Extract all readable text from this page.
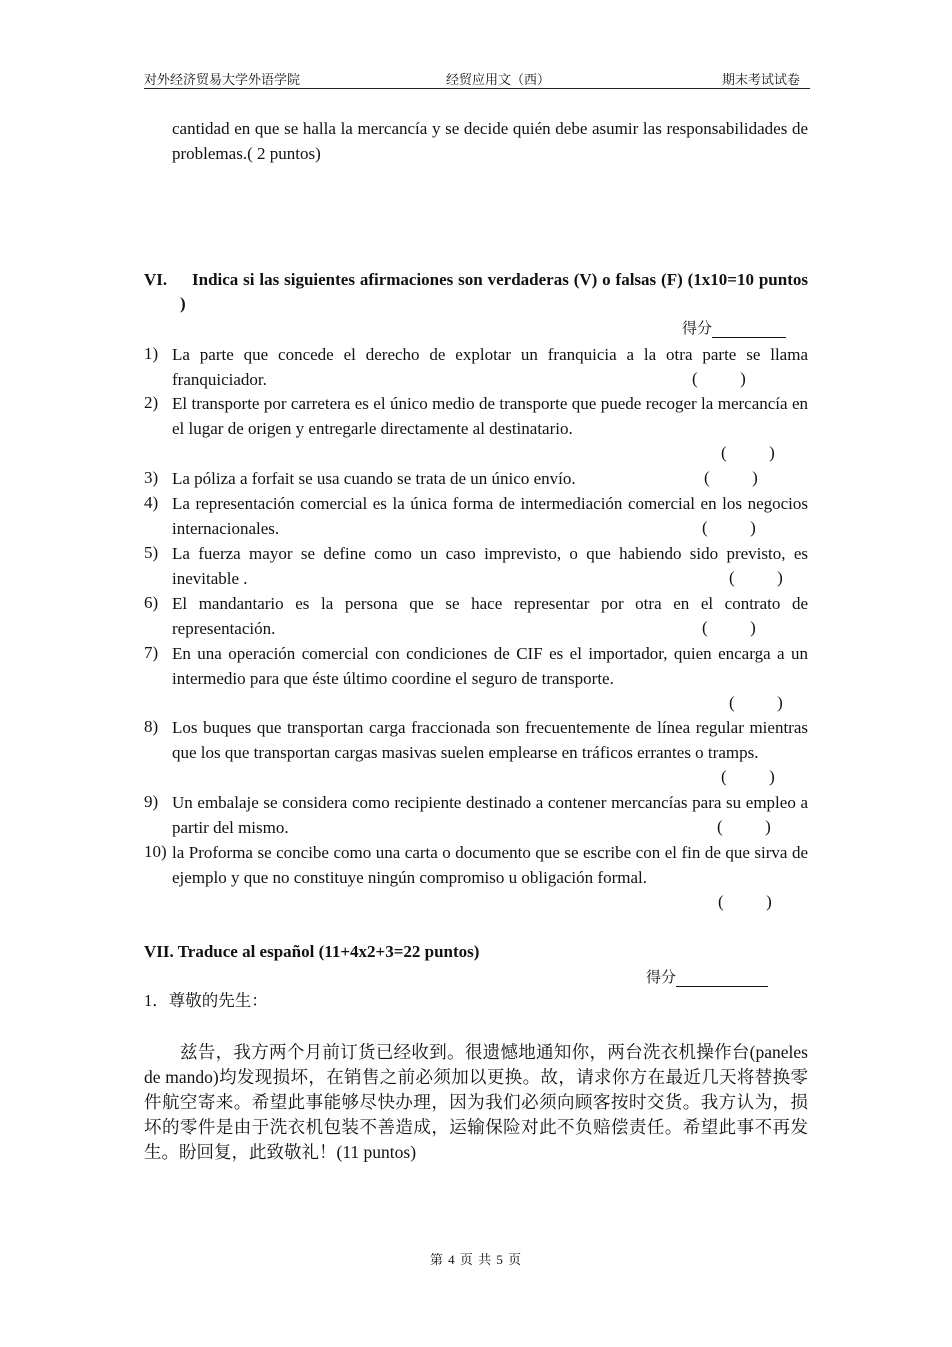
对外经济贸易大学外语学院	经贸应用文（西）	期末考试试卷
cantidad en que se halla la mercancía y se decide quién debe asumir las responsabilidades de problemas.( 2 puntos)
VI.	Indica si las siguientes afirmaciones son verdaderas (V) o falsas (F) (1x10=10 puntos )
得分
1) La parte que concede el derecho de explotar un franquicia a la otra parte se llama franquiciador.	(          )
2) El transporte por carretera es el único medio de transporte que puede recoger la mercancía en el lugar de origen y entregarle directamente al destinatario.
(          )
3) La póliza a forfait se usa cuando se trata de un único envío.	(          )
4) La representación comercial es la única forma de intermediación comercial en los negocios internacionales.	(          )
5) La fuerza mayor se define como un caso imprevisto, o que habiendo sido previsto, es inevitable .	(          )
6) El mandantario es la persona que se hace representar por otra en el contrato de representación.	(          )
7) En una operación comercial con condiciones de CIF es el importador, quien encarga a un intermedio para que éste último coordine el seguro de transporte.
(          )
8) Los buques que transportan carga fraccionada son frecuentemente de línea regular mientras que los que transportan cargas masivas suelen emplearse en tráficos errantes o tramps.
(          )
9) Un embalaje se considera como recipiente destinado a contener mercancías para su empleo a partir del mismo.	(          )
10) la Proforma se concibe como una carta o documento que se escribe con el fin de que sirva de ejemplo y que no constituye ningún compromiso u obligación formal.
(          )
VII. Traduce al español (11+4x2+3=22 puntos)
得分
1．尊敬的先生：
兹告，我方两个月前订货已经收到。很遗憾地通知你，两台洗衣机操作台(paneles de mando)均发现损坏，在销售之前必须加以更换。故，请求你方在最近几天将替换零件航空寄来。希望此事能够尽快办理，因为我们必须向顾客按时交货。我方认为，损坏的零件是由于洗衣机包装不善造成，运输保险对此不负赔偿责任。希望此事不再发生。盼回复，此致敬礼！(11 puntos)
第 4 页 共 5 页
